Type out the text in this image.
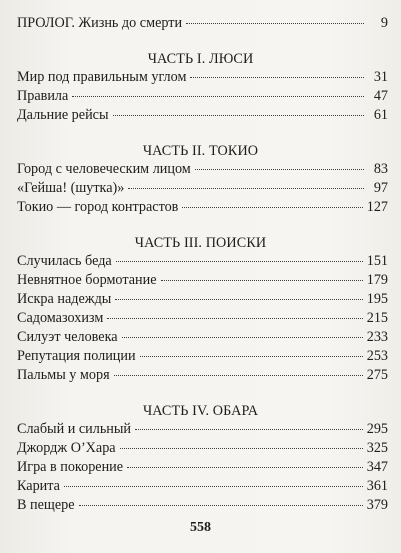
ПРОЛОГ. Жизнь до смерти	9
ЧАСТЬ I. ЛЮСИ
Мир под правильным углом	31
Правила	47
Дальние рейсы	61
ЧАСТЬ II. ТОКИО
Город с человеческим лицом	83
«Гейша! (шутка)»	97
Токио — город контрастов	127
ЧАСТЬ III. ПОИСКИ
Случилась беда	151
Невнятное бормотание	179
Искра надежды	195
Садомазохизм	215
Силуэт человека	233
Репутация полиции	253
Пальмы у моря	275
ЧАСТЬ IV. ОБАРА
Слабый и сильный	295
Джордж О’Хара	325
Игра в покорение	347
Карита	361
В пещере	379
558
